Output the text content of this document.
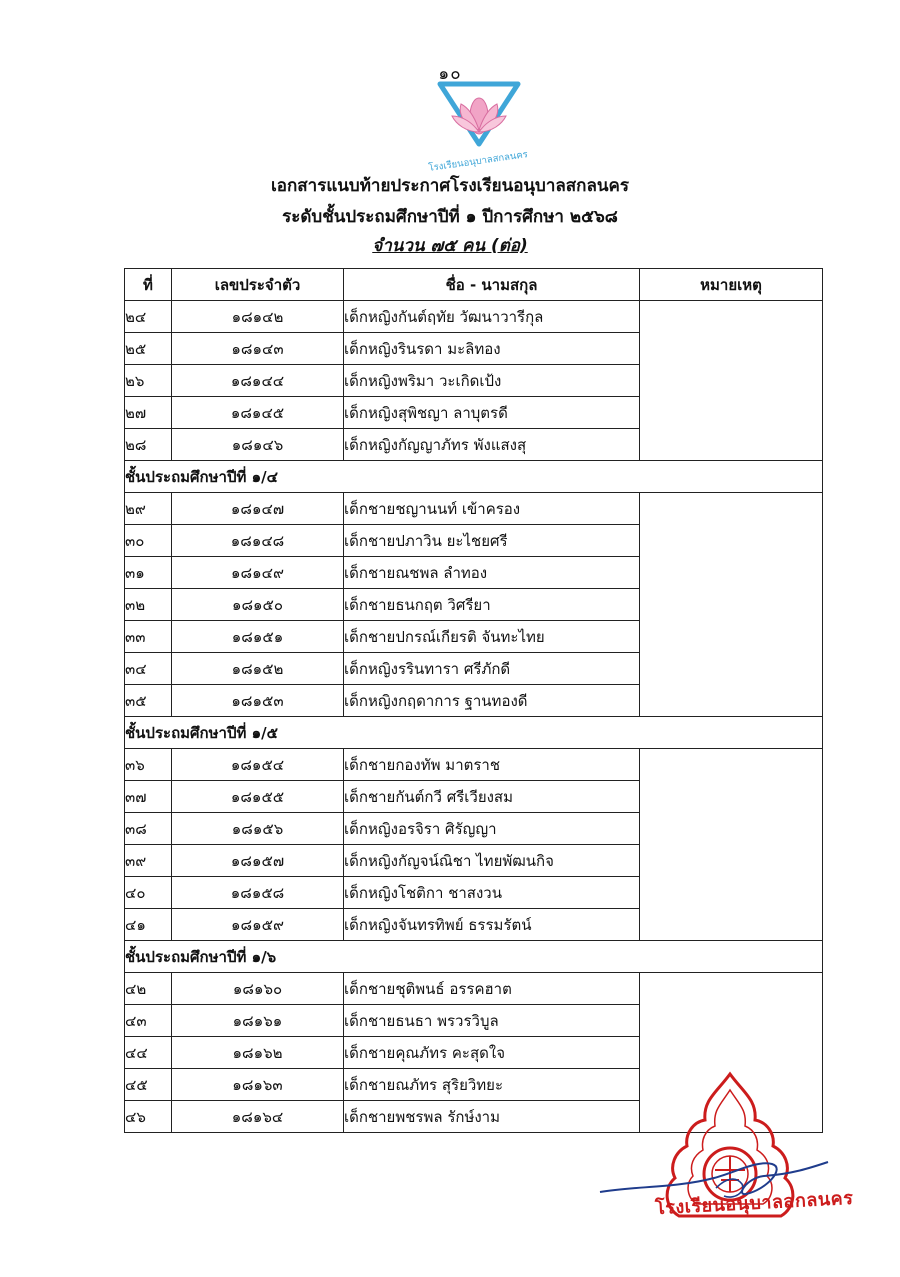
๑๐
โรงเรียนอนุบาลสกลนคร
เอกสารแนบท้ายประกาศโรงเรียนอนุบาลสกลนคร
ระดับชั้นประถมศึกษาปีที่ ๑ ปีการศึกษา ๒๕๖๘
จำนวน ๗๕ คน (ต่อ)
ที่	เลขประจำตัว	ชื่อ - นามสกุล	หมายเหตุ
๒๔	๑๘๑๔๒	เด็กหญิงกันต์ฤทัย วัฒนาวารีกุล	
๒๕	๑๘๑๔๓	เด็กหญิงรินรดา มะลิทอง	
๒๖	๑๘๑๔๔	เด็กหญิงพริมา วะเกิดเป้ง	
๒๗	๑๘๑๔๕	เด็กหญิงสุพิชญา ลาบุตรดี	
๒๘	๑๘๑๔๖	เด็กหญิงกัญญาภัทร พังแสงสุ	
ชั้นประถมศึกษาปีที่ ๑/๔			
๒๙	๑๘๑๔๗	เด็กชายชญานนท์ เข้าครอง	
๓๐	๑๘๑๔๘	เด็กชายปภาวิน ยะไชยศรี	
๓๑	๑๘๑๔๙	เด็กชายณชพล ลำทอง	
๓๒	๑๘๑๕๐	เด็กชายธนกฤต วิศรียา	
๓๓	๑๘๑๕๑	เด็กชายปกรณ์เกียรติ จันทะไทย	
๓๔	๑๘๑๕๒	เด็กหญิงรรินทารา ศรีภักดี	
๓๕	๑๘๑๕๓	เด็กหญิงกฤดาการ ฐานทองดี	
ชั้นประถมศึกษาปีที่ ๑/๕			
๓๖	๑๘๑๕๔	เด็กชายกองทัพ มาตราช	
๓๗	๑๘๑๕๕	เด็กชายกันต์กวี ศรีเวียงสม	
๓๘	๑๘๑๕๖	เด็กหญิงอรจิรา ศิรัญญา	
๓๙	๑๘๑๕๗	เด็กหญิงกัญจน์ณิชา ไทยพัฒนกิจ	
๔๐	๑๘๑๕๘	เด็กหญิงโชติกา ชาสงวน	
๔๑	๑๘๑๕๙	เด็กหญิงจันทรทิพย์ ธรรมรัตน์	
ชั้นประถมศึกษาปีที่ ๑/๖			
๔๒	๑๘๑๖๐	เด็กชายชุติพนธ์ อรรคฮาต	
๔๓	๑๘๑๖๑	เด็กชายธนธา พรวรวิบูล	
๔๔	๑๘๑๖๒	เด็กชายคุณภัทร คะสุดใจ	
๔๕	๑๘๑๖๓	เด็กชายณภัทร สุริยวิทยะ	
๔๖	๑๘๑๖๔	เด็กชายพชรพล รักษ์งาม	
โรงเรียนอนุบาลสกลนคร
